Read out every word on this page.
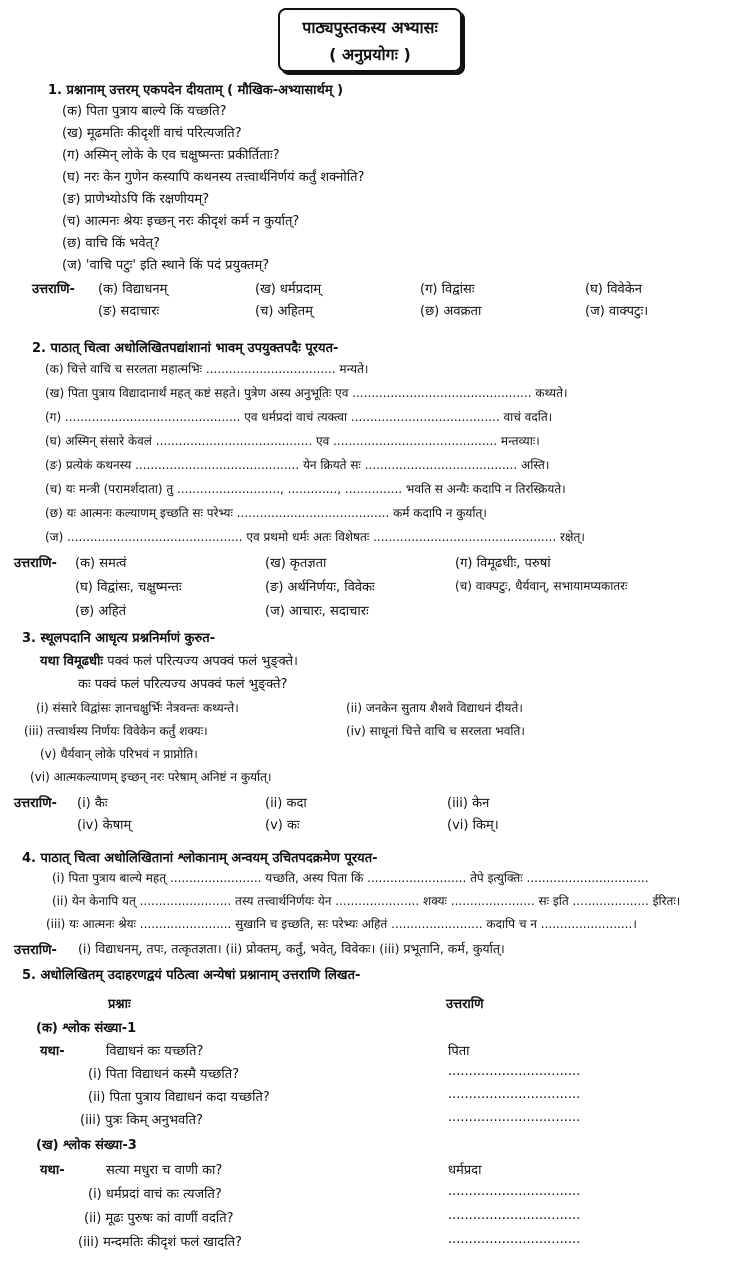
पाठ्यपुस्तकस्य अभ्यासः
( अनुप्रयोगः )
1. प्रश्नानाम् उत्तरम् एकपदेन दीयताम् ( मौखिक-अभ्यासार्थम् )
(क) पिता पुत्राय बाल्ये किं यच्छति?
(ख) मूढमतिः कीदृशीं वाचं परित्यजति?
(ग) अस्मिन् लोके के एव चक्षुष्मन्तः प्रकीर्तिताः?
(घ) नरः केन गुणेन कस्यापि कथनस्य तत्त्वार्थनिर्णयं कर्तुं शक्नोति?
(ङ) प्राणेभ्योऽपि किं रक्षणीयम्?
(च) आत्मनः श्रेयः इच्छन् नरः कीदृशं कर्म न कुर्यात्?
(छ) वाचि किं भवेत्?
(ज) 'वाचि पटुः' इति स्थाने किं पदं प्रयुक्तम्?
उत्तराणि- (क) विद्याधनम्	(ख) धर्मप्रदाम्	(ग) विद्वांसः	(घ) विवेकेन
(ङ) सदाचारः	(च) अहितम्	(छ) अवक्रता	(ज) वाक्पटुः।
2. पाठात् चित्वा अधोलिखितपद्यांशानां भावम् उपयुक्तपदैः पूरयत-
(क) चित्ते वाचि च सरलता महात्मभिः .................................. मन्यते।
(ख) पिता पुत्राय विद्यादानार्थं महत् कष्टं सहते। पुत्रेण अस्य अनुभूतिः एव ............................................... कथ्यते।
(ग) .............................................. एव धर्मप्रदां वाचं त्यक्त्वा ....................................... वाचं वदति।
(घ) अस्मिन् संसारे केवलं ......................................... एव ........................................... मन्तव्याः।
(ङ) प्रत्येकं कथनस्य ........................................... येन क्रियते सः ........................................ अस्ति।
(च) यः मन्त्री (परामर्शदाता) तु ..........................., ............., ............... भवति स अन्यैः कदापि न तिरस्क्रियते।
(छ) यः आत्मनः कल्याणम् इच्छति सः परेभ्यः ........................................ कर्म कदापि न कुर्यात्।
(ज) .............................................. एव प्रथमो धर्मः अतः विशेषतः ................................................ रक्षेत्।
उत्तराणि- (क) समत्वं	(ख) कृतज्ञता	(ग) विमूढधीः, परुषां
(घ) विद्वांसः, चक्षुष्मन्तः	(ङ) अर्थनिर्णयः, विवेकः	(च) वाक्पटुः, धैर्यवान्, सभायामप्यकातरः
(छ) अहितं	(ज) आचारः, सदाचारः
3. स्थूलपदानि आधृत्य प्रश्ननिर्माणं कुरुत-
यथा विमूढधीः पक्वं फलं परित्यज्य अपक्वं फलं भुङ्क्ते।
कः पक्वं फलं परित्यज्य अपक्वं फलं भुङ्क्ते?
(i) संसारे विद्वांसः ज्ञानचक्षुर्भिः नेत्रवन्तः कथ्यन्ते।	(ii) जनकेन सुताय शैशवे विद्याधनं दीयते।
(iii) तत्त्वार्थस्य निर्णयः विवेकेन कर्तुं शक्यः।	(iv) साधूनां चित्ते वाचि च सरलता भवति।
(v) धैर्यवान् लोके परिभवं न प्राप्नोति।
(vi) आत्मकल्याणम् इच्छन् नरः परेषाम् अनिष्टं न कुर्यात्।
उत्तराणि- (i) कैः	(ii) कदा	(iii) केन
(iv) केषाम्	(v) कः	(vi) किम्।
4. पाठात् चित्वा अधोलिखितानां श्लोकानाम् अन्वयम् उचितपदक्रमेण पूरयत-
(i) पिता पुत्राय बाल्ये महत् ........................ यच्छति, अस्य पिता किं .......................... तेपे इत्युक्तिः ................................
(ii) येन केनापि यत् ........................ तस्य तत्त्वार्थनिर्णयः येन ...................... शक्यः ...................... सः इति .................... ईरितः।
(iii) यः आत्मनः श्रेयः ........................ सुखानि च इच्छति, सः परेभ्यः अहितं ........................ कदापि च न ........................।
उत्तराणि- (i) विद्याधनम्, तपः, तत्कृतज्ञता। (ii) प्रोक्तम्, कर्तुं, भवेत्, विवेकः। (iii) प्रभूतानि, कर्म, कुर्यात्।
5. अधोलिखितम् उदाहरणद्वयं पठित्वा अन्येषां प्रश्नानाम् उत्तराणि लिखत-
प्रश्नाः	उत्तराणि
(क) श्लोक संख्या-1
यथा-	विद्याधनं कः यच्छति?	पिता
(i) पिता विद्याधनं कस्मै यच्छति?	................................
(ii) पिता पुत्राय विद्याधनं कदा यच्छति?	................................
(iii) पुत्रः किम् अनुभवति?	................................
(ख) श्लोक संख्या-3
यथा-	सत्या मधुरा च वाणी का?	धर्मप्रदा
(i) धर्मप्रदां वाचं कः त्यजति?	................................
(ii) मूढः पुरुषः कां वाणीं वदति?	................................
(iii) मन्दमतिः कीदृशं फलं खादति?	................................
